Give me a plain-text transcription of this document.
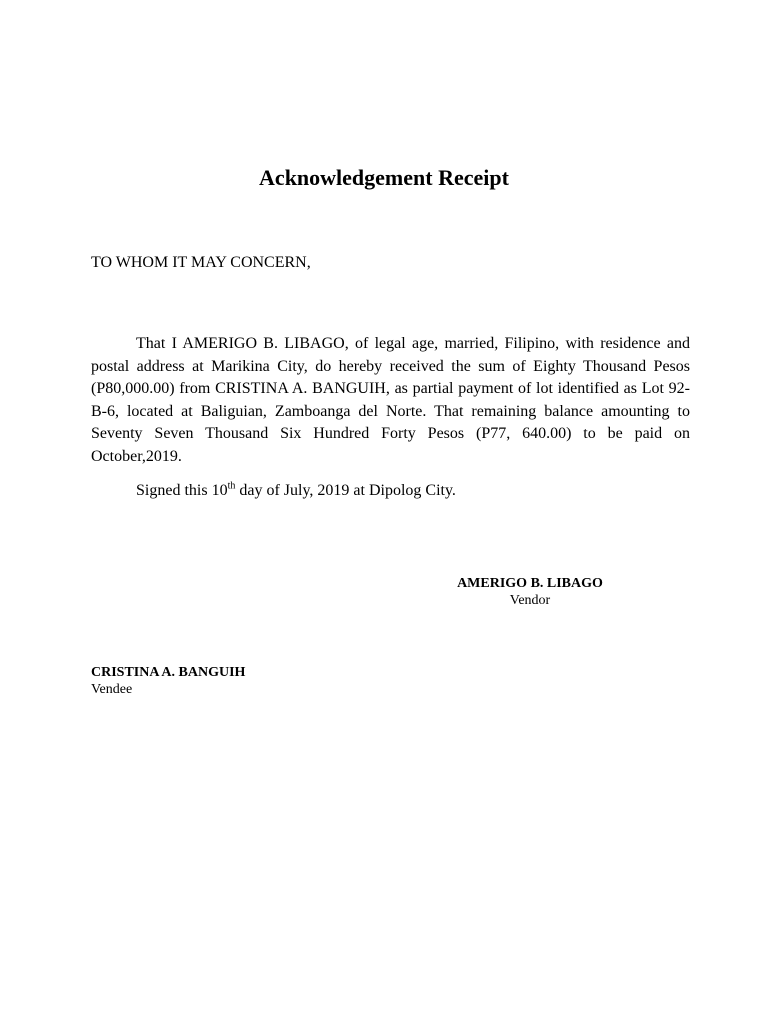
Acknowledgement Receipt

TO WHOM IT MAY CONCERN,

That I AMERIGO B. LIBAGO, of legal age, married, Filipino, with residence and postal address at Marikina City, do hereby received the sum of Eighty Thousand Pesos (P80,000.00) from CRISTINA A. BANGUIH, as partial payment of lot identified as Lot 92-B-6, located at Baliguian, Zamboanga del Norte. That remaining balance amounting to Seventy Seven Thousand Six Hundred Forty Pesos (P77, 640.00) to be paid on October,2019.

Signed this 10th day of July, 2019 at Dipolog City.

AMERIGO B. LIBAGO
Vendor
CRISTINA A. BANGUIH
Vendee
